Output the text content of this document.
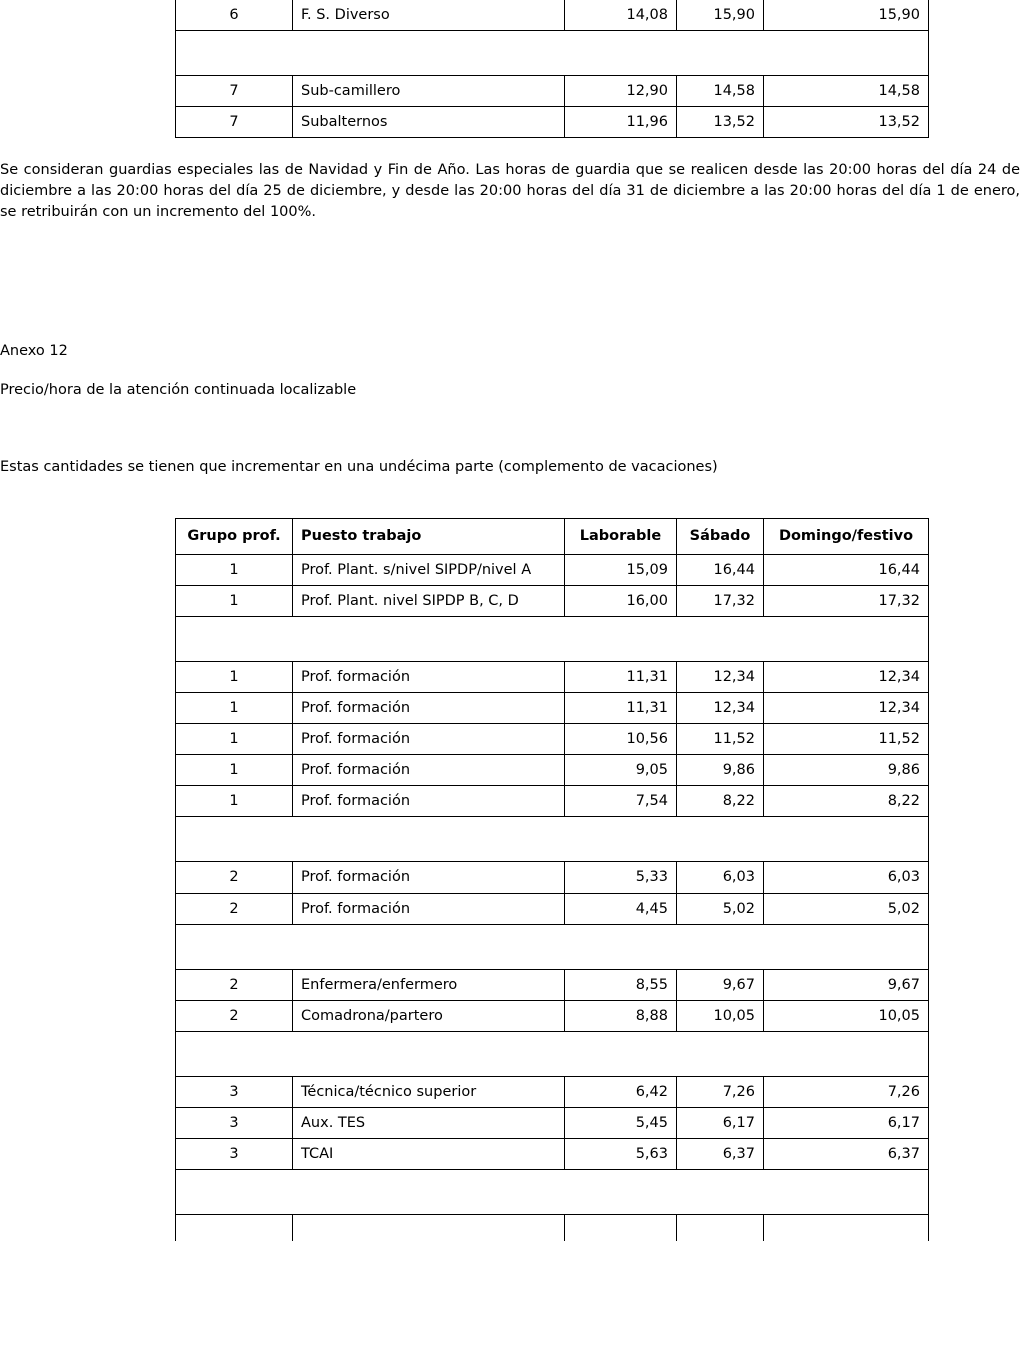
6	F. S. Diverso	14,08	15,90	15,90

7	Sub-camillero	12,90	14,58	14,58
7	Subalternos	11,96	13,52	13,52

Se consideran guardias especiales las de Navidad y Fin de Año. Las horas de guardia que se realicen desde las 20:00 horas del día 24 de diciembre a las 20:00 horas del día 25 de diciembre, y desde las 20:00 horas del día 31 de diciembre a las 20:00 horas del día 1 de enero, se retribuirán con un incremento del 100%.

Anexo 12

Precio/hora de la atención continuada localizable

Estas cantidades se tienen que incrementar en una undécima parte (complemento de vacaciones)

Grupo prof.	Puesto trabajo	Laborable	Sábado	Domingo/festivo
1	Prof. Plant. s/nivel SIPDP/nivel A	15,09	16,44	16,44
1	Prof. Plant. nivel SIPDP B, C, D	16,00	17,32	17,32

1	Prof. formación	11,31	12,34	12,34
1	Prof. formación	11,31	12,34	12,34
1	Prof. formación	10,56	11,52	11,52
1	Prof. formación	9,05	9,86	9,86
1	Prof. formación	7,54	8,22	8,22

2	Prof. formación	5,33	6,03	6,03
2	Prof. formación	4,45	5,02	5,02

2	Enfermera/enfermero	8,55	9,67	9,67
2	Comadrona/partero	8,88	10,05	10,05

3	Técnica/técnico superior	6,42	7,26	7,26
3	Aux. TES	5,45	6,17	6,17
3	TCAI	5,63	6,37	6,37
